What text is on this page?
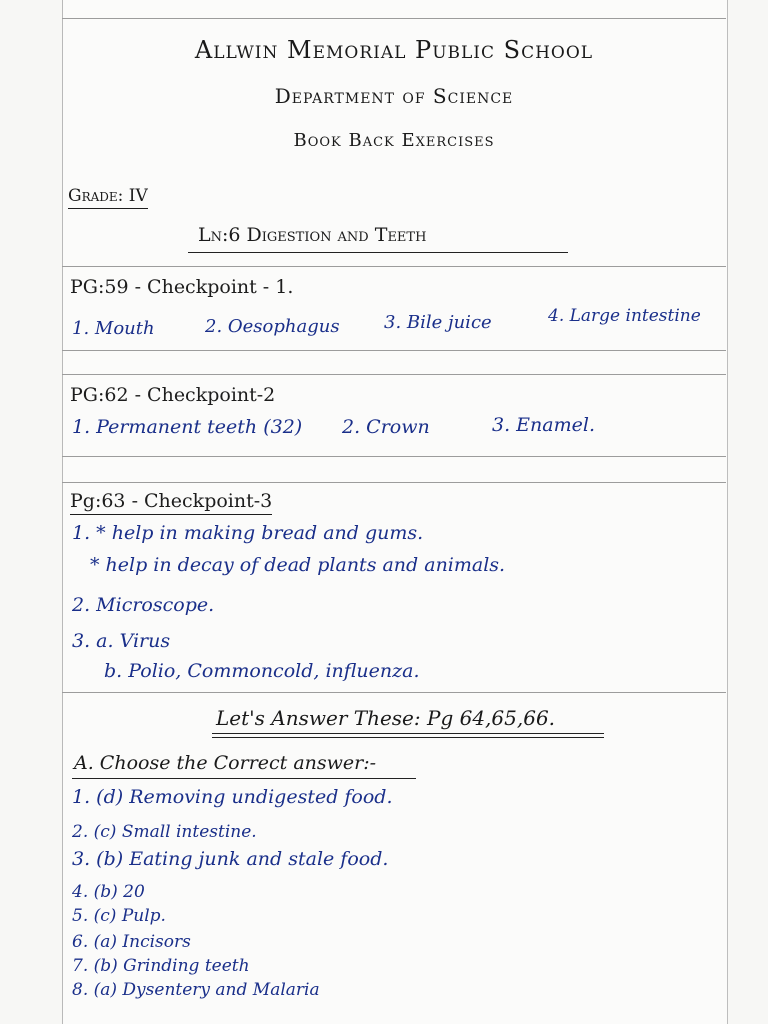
Allwin Memorial Public School
Department of Science
Book Back Exercises
Grade: IV
Ln:6 Digestion and Teeth
PG:59 - Checkpoint - 1.
1. Mouth	2. Oesophagus 3. Bile juice	4. Large intestine
PG:62 - Checkpoint-2
1. Permanent teeth (32) 2. Crown	3. Enamel.
Pg:63 - Checkpoint-3
1. * help in making bread and gums.
* help in decay of dead plants and animals.
2. Microscope.
3. a. Virus
b. Polio, Commoncold, influenza.
Let's Answer These: Pg 64,65,66.
A. Choose the Correct answer:-
1. (d) Removing undigested food.
2. (c) Small intestine.
3. (b) Eating junk and stale food.
4. (b) 20
5. (c) Pulp.
6. (a) Incisors
7. (b) Grinding teeth
8. (a) Dysentery and Malaria
